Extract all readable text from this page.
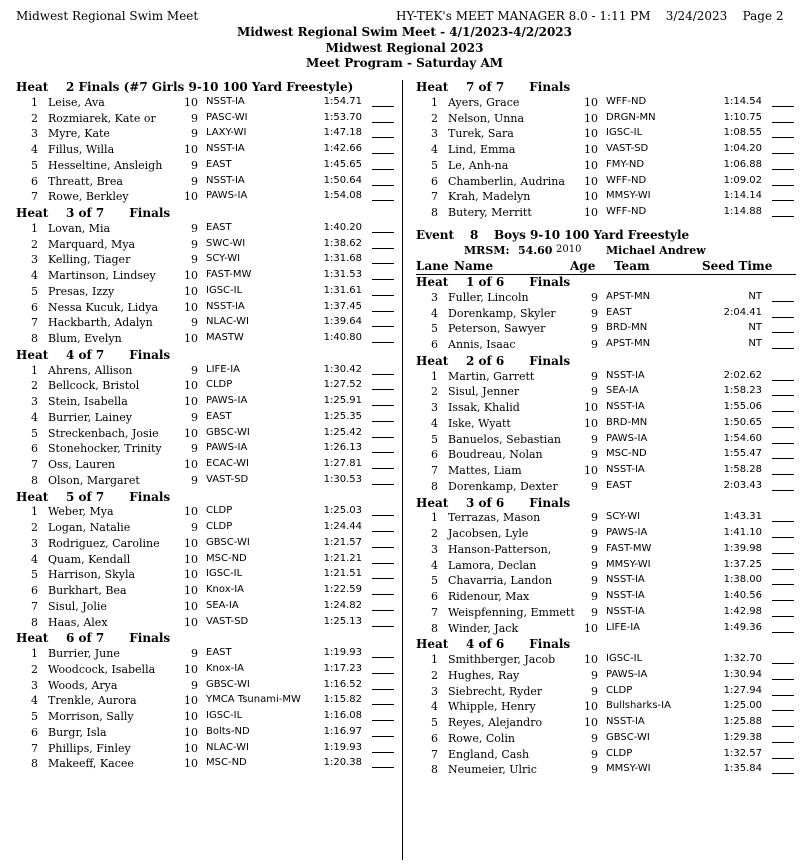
Midwest Regional Swim Meet	HY-TEK's MEET MANAGER 8.0 - 1:11 PM    3/24/2023    Page 2
Midwest Regional Swim Meet - 4/1/2023-4/2/2023
Midwest Regional 2023
Meet Program - Saturday AM
Heat 2 Finals (#7 Girls 9-10 100 Yard Freestyle)
1 Leise, Ava	10 NSST-IA	1:54.71
2 Rozmiarek, Kate or	9 PASC-WI	1:53.70
3 Myre, Kate	9 LAXY-WI	1:47.18
4 Fillus, Willa	10 NSST-IA	1:42.66
5 Hesseltine, Ansleigh	9 EAST	1:45.65
6 Threatt, Brea	9 NSST-IA	1:50.64
7 Rowe, Berkley	10 PAWS-IA	1:54.08
Heat 3 of 7      Finals
1 Lovan, Mia	9 EAST	1:40.20
2 Marquard, Mya	9 SWC-WI	1:38.62
3 Kelling, Tiager	9 SCY-WI	1:31.68
4 Martinson, Lindsey	10 FAST-MW	1:31.53
5 Presas, Izzy	10 IGSC-IL	1:31.61
6 Nessa Kucuk, Lidya	10 NSST-IA	1:37.45
7 Hackbarth, Adalyn	9 NLAC-WI	1:39.64
8 Blum, Evelyn	10 MASTW	1:40.80
Heat 4 of 7      Finals
1 Ahrens, Allison	9 LIFE-IA	1:30.42
2 Bellcock, Bristol	10 CLDP	1:27.52
3 Stein, Isabella	10 PAWS-IA	1:25.91
4 Burrier, Lainey	9 EAST	1:25.35
5 Streckenbach, Josie	10 GBSC-WI	1:25.42
6 Stonehocker, Trinity	9 PAWS-IA	1:26.13
7 Oss, Lauren	10 ECAC-WI	1:27.81
8 Olson, Margaret	9 VAST-SD	1:30.53
Heat 5 of 7      Finals
1 Weber, Mya	10 CLDP	1:25.03
2 Logan, Natalie	9 CLDP	1:24.44
3 Rodriguez, Caroline	10 GBSC-WI	1:21.57
4 Quam, Kendall	10 MSC-ND	1:21.21
5 Harrison, Skyla	10 IGSC-IL	1:21.51
6 Burkhart, Bea	10 Knox-IA	1:22.59
7 Sisul, Jolie	10 SEA-IA	1:24.82
8 Haas, Alex	10 VAST-SD	1:25.13
Heat 6 of 7      Finals
1 Burrier, June	9 EAST	1:19.93
2 Woodcock, Isabella	10 Knox-IA	1:17.23
3 Woods, Arya	9 GBSC-WI	1:16.52
4 Trenkle, Aurora	10 YMCA Tsunami-MW	1:15.82
5 Morrison, Sally	10 IGSC-IL	1:16.08
6 Burgr, Isla	10 Bolts-ND	1:16.97
7 Phillips, Finley	10 NLAC-WI	1:19.93
8 Makeeff, Kacee	10 MSC-ND	1:20.38
Heat 7 of 7      Finals
1 Ayers, Grace	10 WFF-ND	1:14.54
2 Nelson, Unna	10 DRGN-MN	1:10.75
3 Turek, Sara	10 IGSC-IL	1:08.55
4 Lind, Emma	10 VAST-SD	1:04.20
5 Le, Anh-na	10 FMY-ND	1:06.88
6 Chamberlin, Audrina	10 WFF-ND	1:09.02
7 Krah, Madelyn	10 MMSY-WI	1:14.14
8 Butery, Merritt	10 WFF-ND	1:14.88
Event 8 Boys 9-10 100 Yard Freestyle
MRSM: 54.60 2010 Michael Andrew
Lane Name	Age Team	Seed Time
Heat 1 of 6      Finals
3 Fuller, Lincoln	9 APST-MN	NT
4 Dorenkamp, Skyler	9 EAST	2:04.41
5 Peterson, Sawyer	9 BRD-MN	NT
6 Annis, Isaac	9 APST-MN	NT
Heat 2 of 6      Finals
1 Martin, Garrett	9 NSST-IA	2:02.62
2 Sisul, Jenner	9 SEA-IA	1:58.23
3 Issak, Khalid	10 NSST-IA	1:55.06
4 Iske, Wyatt	10 BRD-MN	1:50.65
5 Banuelos, Sebastian	9 PAWS-IA	1:54.60
6 Boudreau, Nolan	9 MSC-ND	1:55.47
7 Mattes, Liam	10 NSST-IA	1:58.28
8 Dorenkamp, Dexter	9 EAST	2:03.43
Heat 3 of 6      Finals
1 Terrazas, Mason	9 SCY-WI	1:43.31
2 Jacobsen, Lyle	9 PAWS-IA	1:41.10
3 Hanson-Patterson,	9 FAST-MW	1:39.98
4 Lamora, Declan	9 MMSY-WI	1:37.25
5 Chavarria, Landon	9 NSST-IA	1:38.00
6 Ridenour, Max	9 NSST-IA	1:40.56
7 Weispfenning, Emmett	9 NSST-IA	1:42.98
8 Winder, Jack	10 LIFE-IA	1:49.36
Heat 4 of 6      Finals
1 Smithberger, Jacob	10 IGSC-IL	1:32.70
2 Hughes, Ray	9 PAWS-IA	1:30.94
3 Siebrecht, Ryder	9 CLDP	1:27.94
4 Whipple, Henry	10 Bullsharks-IA	1:25.00
5 Reyes, Alejandro	10 NSST-IA	1:25.88
6 Rowe, Colin	9 GBSC-WI	1:29.38
7 England, Cash	9 CLDP	1:32.57
8 Neumeier, Ulric	9 MMSY-WI	1:35.84
